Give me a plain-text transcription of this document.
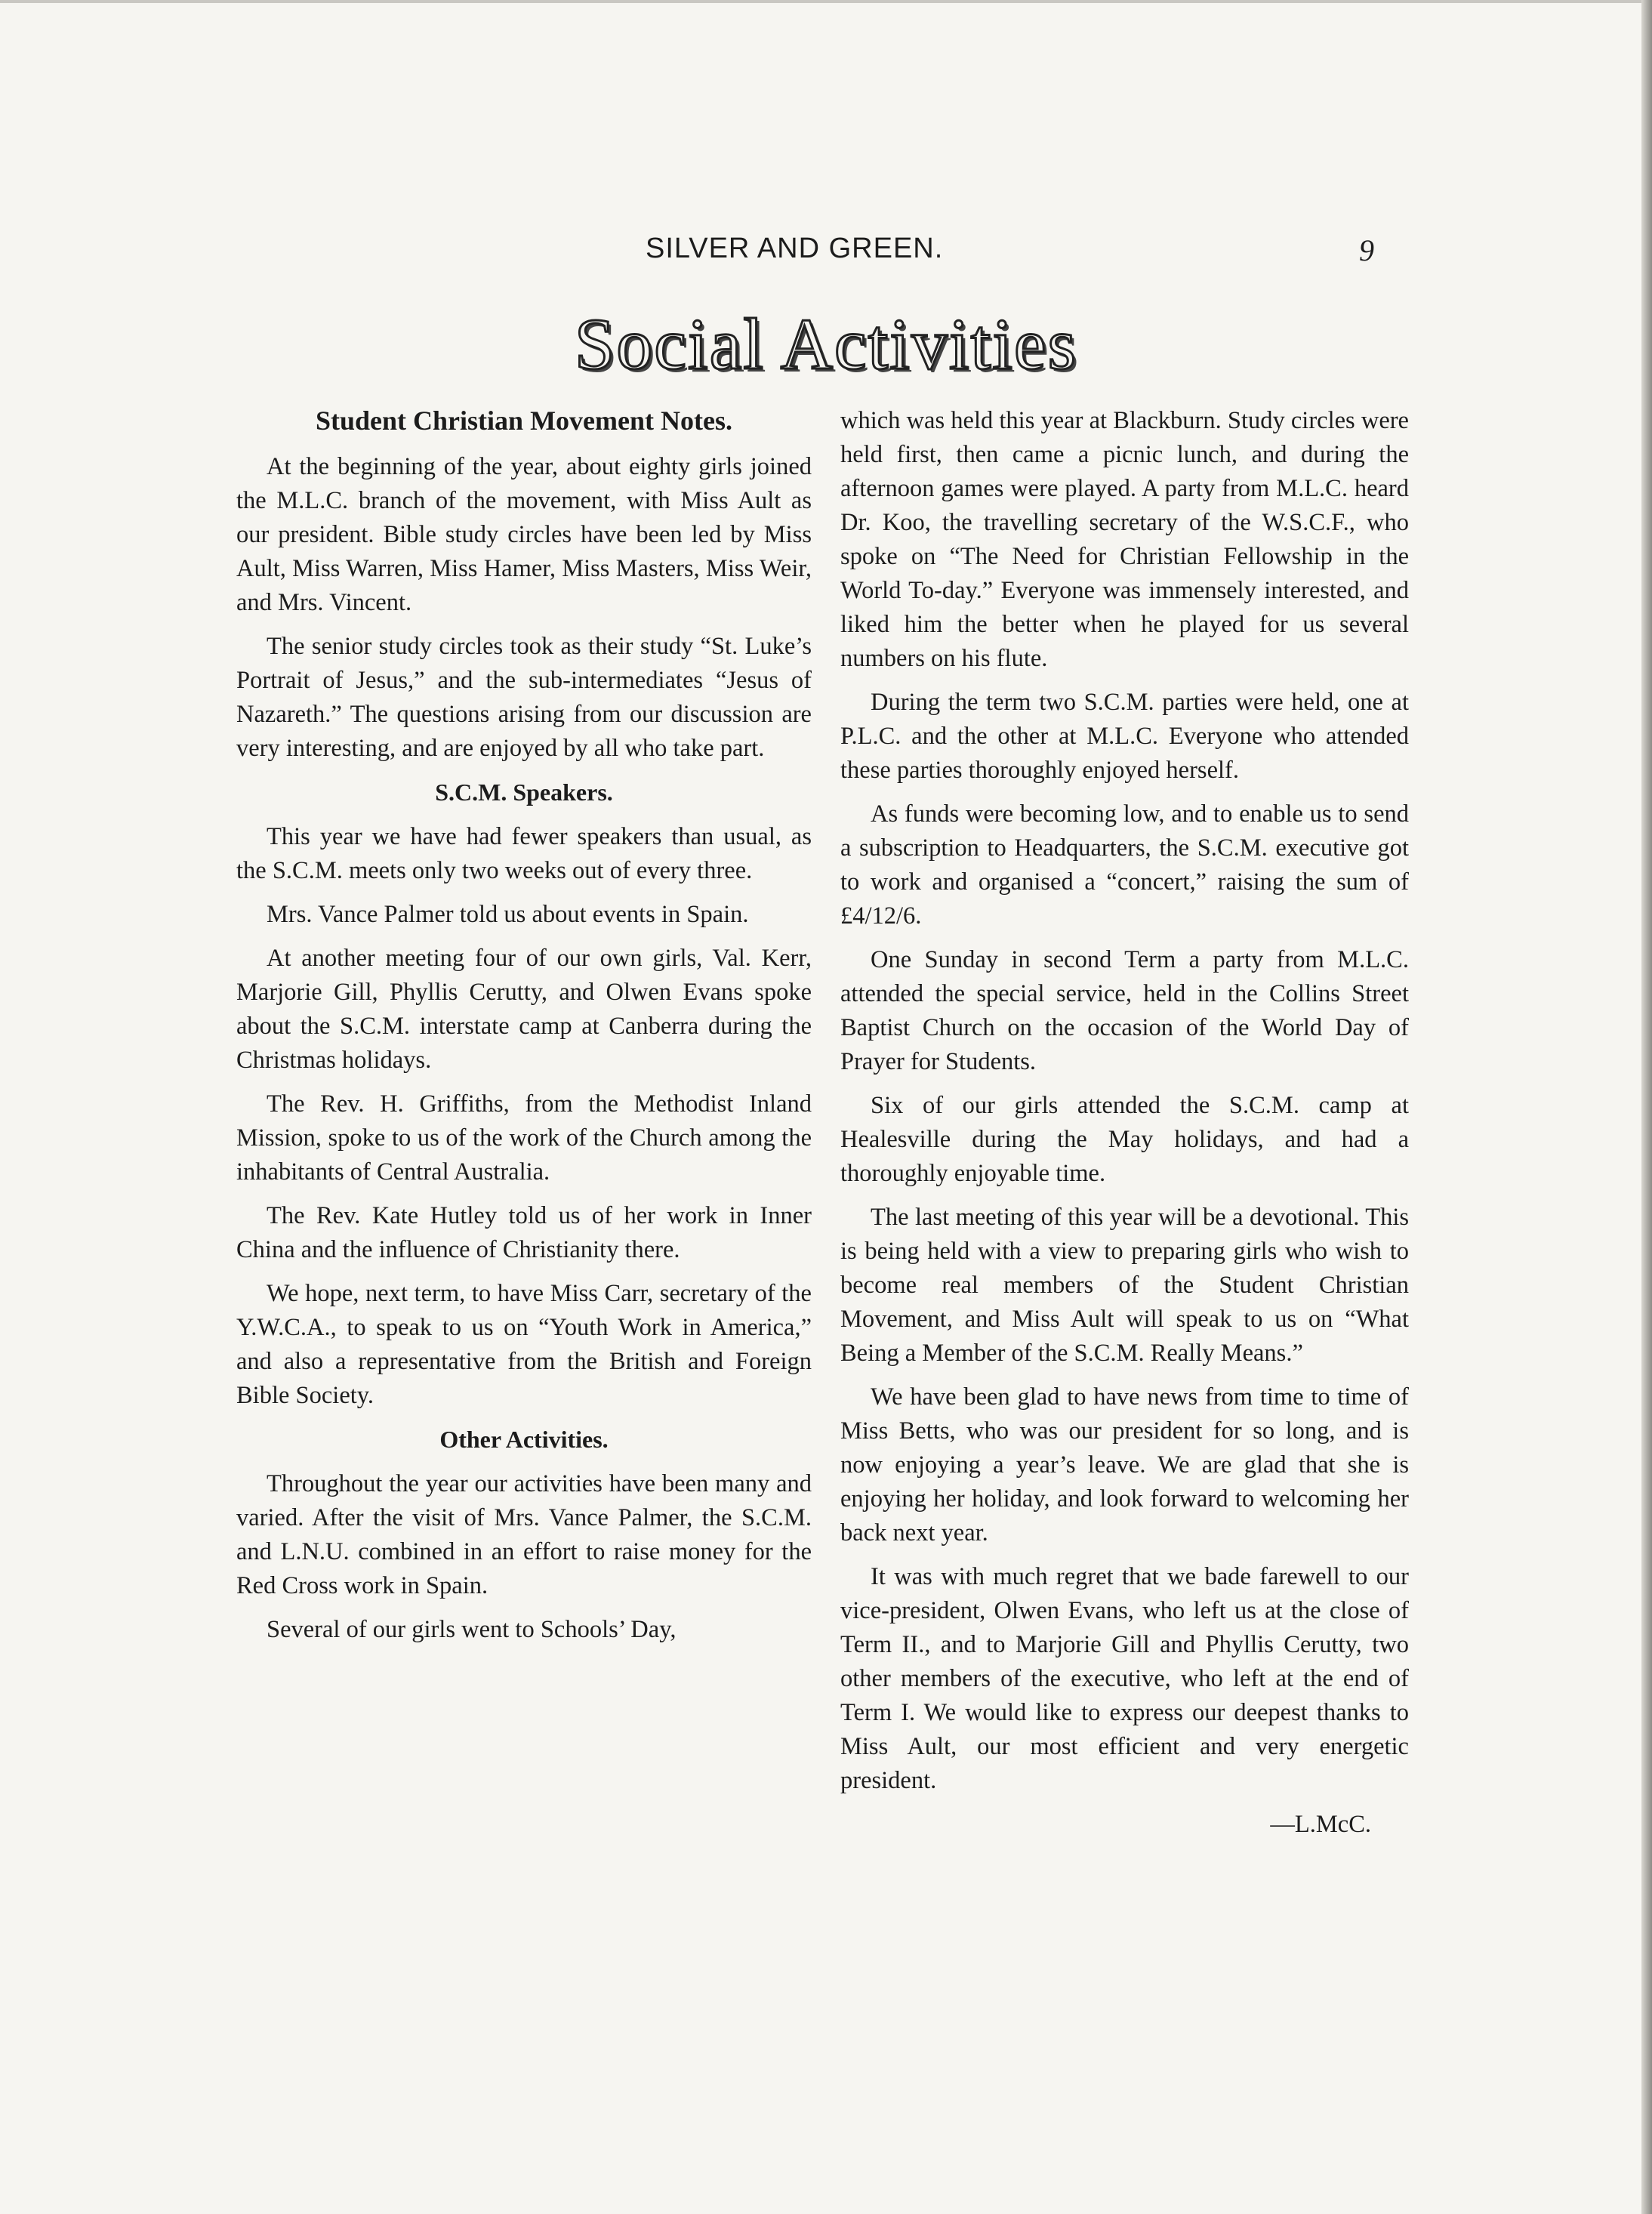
SILVER AND GREEN.	9
Social Activities
Student Christian Movement Notes.

At the beginning of the year, about eighty girls joined the M.L.C. branch of the movement, with Miss Ault as our president. Bible study circles have been led by Miss Ault, Miss Warren, Miss Hamer, Miss Masters, Miss Weir, and Mrs. Vincent.

The senior study circles took as their study “St. Luke’s Portrait of Jesus,” and the sub-intermediates “Jesus of Nazareth.” The questions arising from our discussion are very interesting, and are enjoyed by all who take part.

S.C.M. Speakers.

This year we have had fewer speakers than usual, as the S.C.M. meets only two weeks out of every three.

Mrs. Vance Palmer told us about events in Spain.

At another meeting four of our own girls, Val. Kerr, Marjorie Gill, Phyllis Cerutty, and Olwen Evans spoke about the S.C.M. interstate camp at Canberra during the Christmas holidays.

The Rev. H. Griffiths, from the Methodist Inland Mission, spoke to us of the work of the Church among the inhabitants of Central Australia.

The Rev. Kate Hutley told us of her work in Inner China and the influence of Christianity there.

We hope, next term, to have Miss Carr, secretary of the Y.W.C.A., to speak to us on “Youth Work in America,” and also a representative from the British and Foreign Bible Society.

Other Activities.

Throughout the year our activities have been many and varied. After the visit of Mrs. Vance Palmer, the S.C.M. and L.N.U. combined in an effort to raise money for the Red Cross work in Spain.

Several of our girls went to Schools’ Day,

which was held this year at Blackburn. Study circles were held first, then came a picnic lunch, and during the afternoon games were played. A party from M.L.C. heard Dr. Koo, the travelling secretary of the W.S.C.F., who spoke on “The Need for Christian Fellowship in the World To-day.” Everyone was immensely interested, and liked him the better when he played for us several numbers on his flute.

During the term two S.C.M. parties were held, one at P.L.C. and the other at M.L.C. Everyone who attended these parties thoroughly enjoyed herself.

As funds were becoming low, and to enable us to send a subscription to Headquarters, the S.C.M. executive got to work and organised a “concert,” raising the sum of £4/12/6.

One Sunday in second Term a party from M.L.C. attended the special service, held in the Collins Street Baptist Church on the occasion of the World Day of Prayer for Students.

Six of our girls attended the S.C.M. camp at Healesville during the May holidays, and had a thoroughly enjoyable time.

The last meeting of this year will be a devotional. This is being held with a view to preparing girls who wish to become real members of the Student Christian Movement, and Miss Ault will speak to us on “What Being a Member of the S.C.M. Really Means.”

We have been glad to have news from time to time of Miss Betts, who was our president for so long, and is now enjoying a year’s leave. We are glad that she is enjoying her holiday, and look forward to welcoming her back next year.

It was with much regret that we bade farewell to our vice-president, Olwen Evans, who left us at the close of Term II., and to Marjorie Gill and Phyllis Cerutty, two other members of the executive, who left at the end of Term I. We would like to express our deepest thanks to Miss Ault, our most efficient and very energetic president.

—L.McC.
